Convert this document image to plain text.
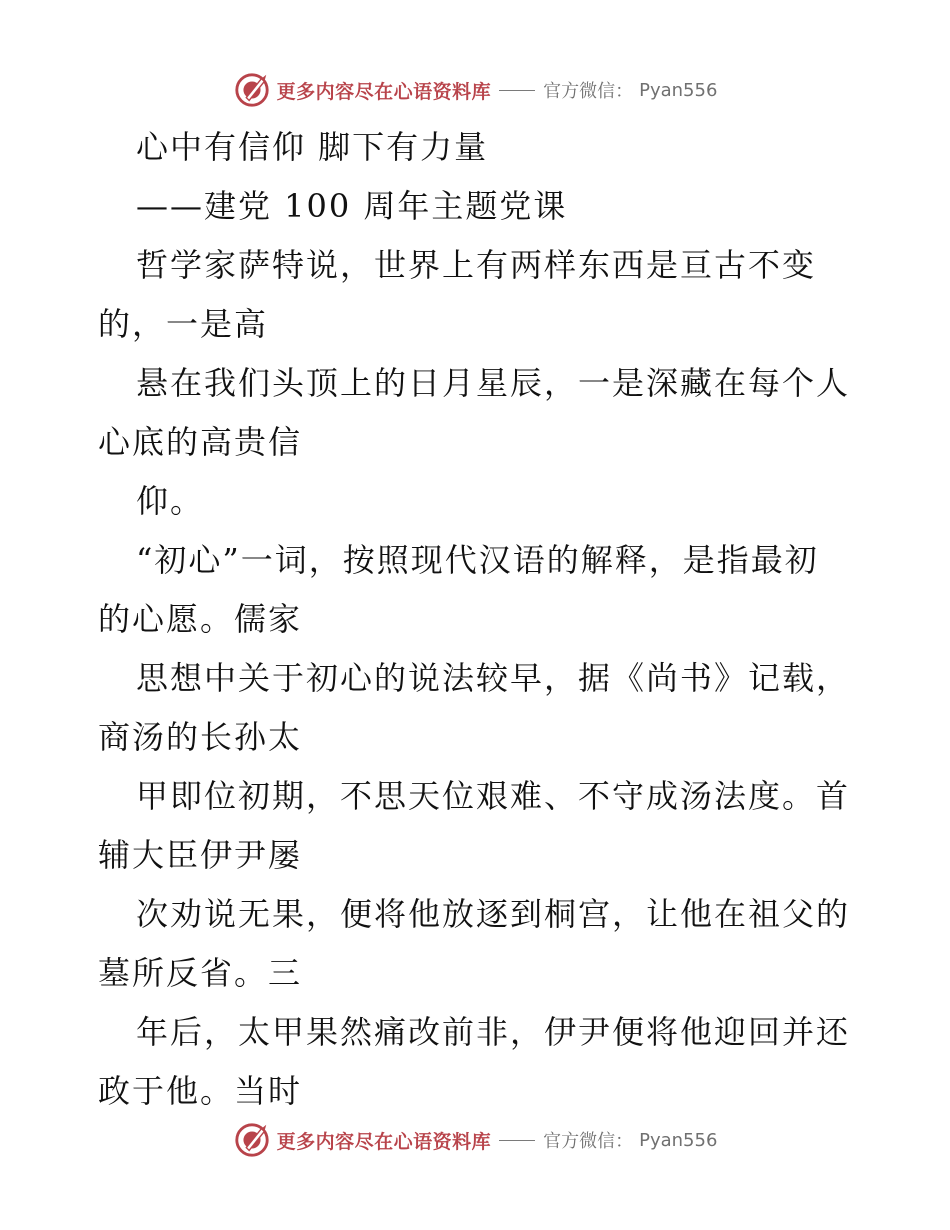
更多内容尽在心语资料库	官方微信： Pyan556
心中有信仰 脚下有力量
——建党 100 周年主题党课
哲学家萨特说，世界上有两样东西是亘古不变
的，一是高
悬在我们头顶上的日月星辰，一是深藏在每个人
心底的高贵信
仰。
“初心”一词，按照现代汉语的解释，是指最初
的心愿。儒家
思想中关于初心的说法较早，据《尚书》记载，
商汤的长孙太
甲即位初期，不思天位艰难、不守成汤法度。首
辅大臣伊尹屡
次劝说无果，便将他放逐到桐宫，让他在祖父的
墓所反省。三
年后，太甲果然痛改前非，伊尹便将他迎回并还
政于他。当时
更多内容尽在心语资料库	官方微信： Pyan556
